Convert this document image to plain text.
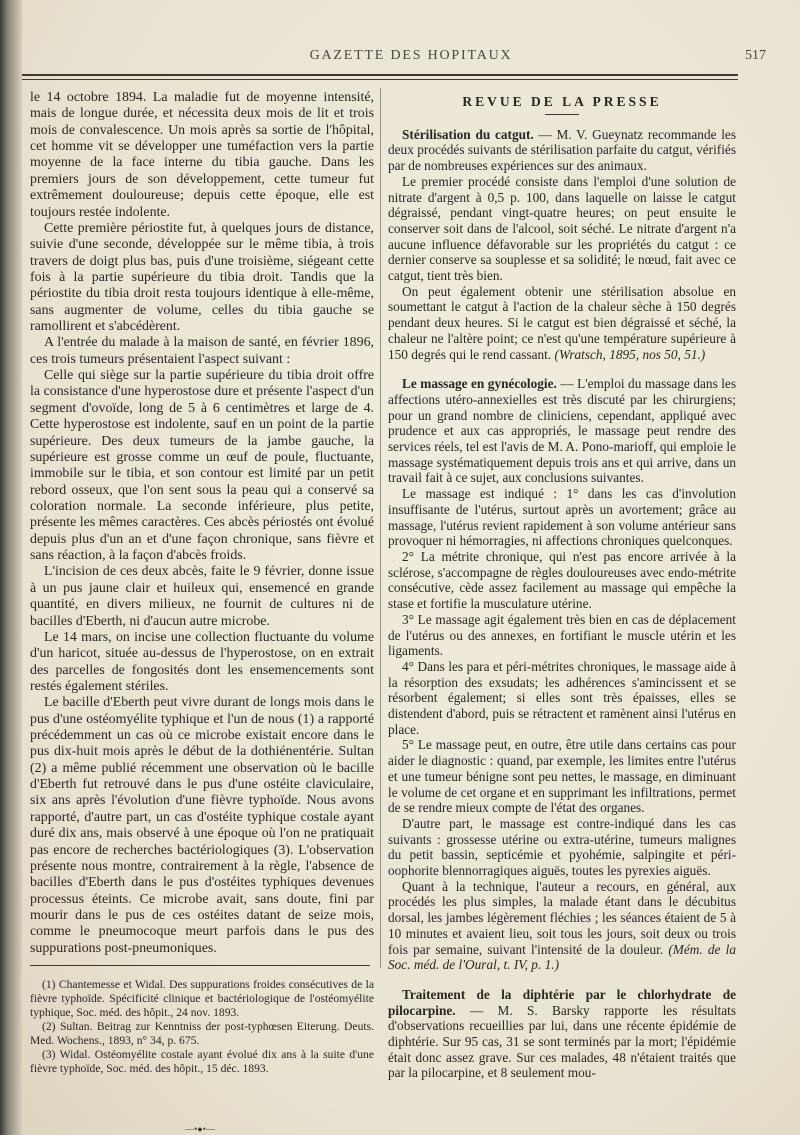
GAZETTE DES HOPITAUX	517

le 14 octobre 1894. La maladie fut de moyenne intensité, mais de longue durée, et nécessita deux mois de lit et trois mois de convalescence. Un mois après sa sortie de l'hôpital, cet homme vit se développer une tuméfaction vers la partie moyenne de la face interne du tibia gauche. Dans les premiers jours de son développement, cette tumeur fut extrêmement douloureuse; depuis cette époque, elle est toujours restée indolente.

Cette première périostite fut, à quelques jours de distance, suivie d'une seconde, développée sur le même tibia, à trois travers de doigt plus bas, puis d'une troisième, siégeant cette fois à la partie supérieure du tibia droit. Tandis que la périostite du tibia droit resta toujours identique à elle-même, sans augmenter de volume, celles du tibia gauche se ramollirent et s'abcédèrent.

A l'entrée du malade à la maison de santé, en février 1896, ces trois tumeurs présentaient l'aspect suivant :

Celle qui siège sur la partie supérieure du tibia droit offre la consistance d'une hyperostose dure et présente l'aspect d'un segment d'ovoïde, long de 5 à 6 centimètres et large de 4. Cette hyperostose est indolente, sauf en un point de la partie supérieure. Des deux tumeurs de la jambe gauche, la supérieure est grosse comme un œuf de poule, fluctuante, immobile sur le tibia, et son contour est limité par un petit rebord osseux, que l'on sent sous la peau qui a conservé sa coloration normale. La seconde inférieure, plus petite, présente les mêmes caractères. Ces abcès périostés ont évolué depuis plus d'un an et d'une façon chronique, sans fièvre et sans réaction, à la façon d'abcès froids.

L'incision de ces deux abcès, faite le 9 février, donne issue à un pus jaune clair et huileux qui, ensemencé en grande quantité, en divers milieux, ne fournit de cultures ni de bacilles d'Eberth, ni d'aucun autre microbe.

Le 14 mars, on incise une collection fluctuante du volume d'un haricot, située au-dessus de l'hyperostose, on en extrait des parcelles de fongosités dont les ensemencements sont restés également stériles.

Le bacille d'Eberth peut vivre durant de longs mois dans le pus d'une ostéomyélite typhique et l'un de nous (1) a rapporté précédemment un cas où ce microbe existait encore dans le pus dix-huit mois après le début de la dothiénentérie. Sultan (2) a même publié récemment une observation où le bacille d'Eberth fut retrouvé dans le pus d'une ostéite claviculaire, six ans après l'évolution d'une fièvre typhoïde. Nous avons rapporté, d'autre part, un cas d'ostéite typhique costale ayant duré dix ans, mais observé à une époque où l'on ne pratiquait pas encore de recherches bactériologiques (3). L'observation présente nous montre, contrairement à la règle, l'absence de bacilles d'Eberth dans le pus d'ostéites typhiques devenues processus éteints. Ce microbe avait, sans doute, fini par mourir dans le pus de ces ostéites datant de seize mois, comme le pneumocoque meurt parfois dans le pus des suppurations post-pneumoniques.

(1) Chantemesse et Widal. Des suppurations froides consécutives de la fièvre typhoïde. Spécificité clinique et bactériologique de l'ostéomyélite typhique, Soc. méd. des hôpit., 24 nov. 1893.

(2) Sultan. Beitrag zur Kenntniss der post-typhœsen Eiterung. Deuts. Med. Wochens., 1893, n° 34, p. 675.

(3) Widal. Ostéomyélite costale ayant évolué dix ans à la suite d'une fièvre typhoïde, Soc. méd. des hôpit., 15 déc. 1893.

REVUE DE LA PRESSE

Stérilisation du catgut. — M. V. Gueynatz recommande les deux procédés suivants de stérilisation parfaite du catgut, vérifiés par de nombreuses expériences sur des animaux.

Le premier procédé consiste dans l'emploi d'une solution de nitrate d'argent à 0,5 p. 100, dans laquelle on laisse le catgut dégraissé, pendant vingt-quatre heures; on peut ensuite le conserver soit dans de l'alcool, soit séché. Le nitrate d'argent n'a aucune influence défavorable sur les propriétés du catgut : ce dernier conserve sa souplesse et sa solidité; le nœud, fait avec ce catgut, tient très bien.

On peut également obtenir une stérilisation absolue en soumettant le catgut à l'action de la chaleur sèche à 150 degrés pendant deux heures. Si le catgut est bien dégraissé et séché, la chaleur ne l'altère point; ce n'est qu'une température supérieure à 150 degrés qui le rend cassant. (Wratsch, 1895, nos 50, 51.)

Le massage en gynécologie. — L'emploi du massage dans les affections utéro-annexielles est très discuté par les chirurgiens; pour un grand nombre de cliniciens, cependant, appliqué avec prudence et aux cas appropriés, le massage peut rendre des services réels, tel est l'avis de M. A. Pono-marioff, qui emploie le massage systématiquement depuis trois ans et qui arrive, dans un travail fait à ce sujet, aux conclusions suivantes.

Le massage est indiqué : 1° dans les cas d'involution insuffisante de l'utérus, surtout après un avortement; grâce au massage, l'utérus revient rapidement à son volume antérieur sans provoquer ni hémorragies, ni affections chroniques quelconques.

2° La métrite chronique, qui n'est pas encore arrivée à la sclérose, s'accompagne de règles douloureuses avec endo-métrite consécutive, cède assez facilement au massage qui empêche la stase et fortifie la musculature utérine.

3° Le massage agit également très bien en cas de déplacement de l'utérus ou des annexes, en fortifiant le muscle utérin et les ligaments.

4° Dans les para et péri-métrites chroniques, le massage aide à la résorption des exsudats; les adhérences s'amincissent et se résorbent également; si elles sont très épaisses, elles se distendent d'abord, puis se rétractent et ramènent ainsi l'utérus en place.

5° Le massage peut, en outre, être utile dans certains cas pour aider le diagnostic : quand, par exemple, les limites entre l'utérus et une tumeur bénigne sont peu nettes, le massage, en diminuant le volume de cet organe et en supprimant les infiltrations, permet de se rendre mieux compte de l'état des organes.

D'autre part, le massage est contre-indiqué dans les cas suivants : grossesse utérine ou extra-utérine, tumeurs malignes du petit bassin, septicémie et pyohémie, salpingite et péri-oophorite blennorragiques aiguës, toutes les pyrexies aiguës.

Quant à la technique, l'auteur a recours, en général, aux procédés les plus simples, la malade étant dans le décubitus dorsal, les jambes légèrement fléchies ; les séances étaient de 5 à 10 minutes et avaient lieu, soit tous les jours, soit deux ou trois fois par semaine, suivant l'intensité de la douleur. (Mém. de la Soc. méd. de l'Oural, t. IV, p. 1.)

Traitement de la diphtérie par le chlorhydrate de pilocarpine. — M. S. Barsky rapporte les résultats d'observations recueillies par lui, dans une récente épidémie de diphtérie. Sur 95 cas, 31 se sont terminés par la mort; l'épidémie était donc assez grave. Sur ces malades, 48 n'étaient traités que par la pilocarpine, et 8 seulement mou-

—•●•—
